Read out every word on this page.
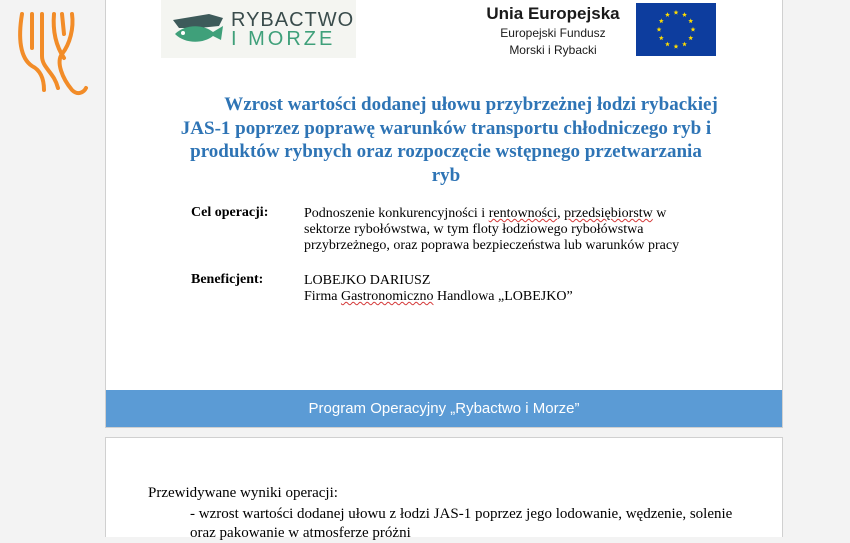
RYBACTWO
I MORZE
Unia Europejska
Europejski Fundusz
Morski i Rybacki
Wzrost wartości dodanej ułowu przybrzeżnej łodzi rybackiej
JAS-1 poprzez poprawę warunków transportu chłodniczego ryb i
produktów rybnych oraz rozpoczęcie wstępnego przetwarzania
ryb
Cel operacji:	Podnoszenie konkurencyjności i rentowności, przedsiębiorstw w sektorze rybołówstwa, w tym floty łodziowego rybołówstwa przybrzeżnego, oraz poprawa bezpieczeństwa lub warunków pracy
Beneficjent:	LOBEJKO DARIUSZ
Firma Gastronomiczno Handlowa „LOBEJKO”
Program Operacyjny „Rybactwo i Morze”
Przewidywane wyniki operacji:
- wzrost wartości dodanej ułowu z łodzi JAS-1 poprzez jego lodowanie, wędzenie, solenie oraz pakowanie w atmosferze próżni
